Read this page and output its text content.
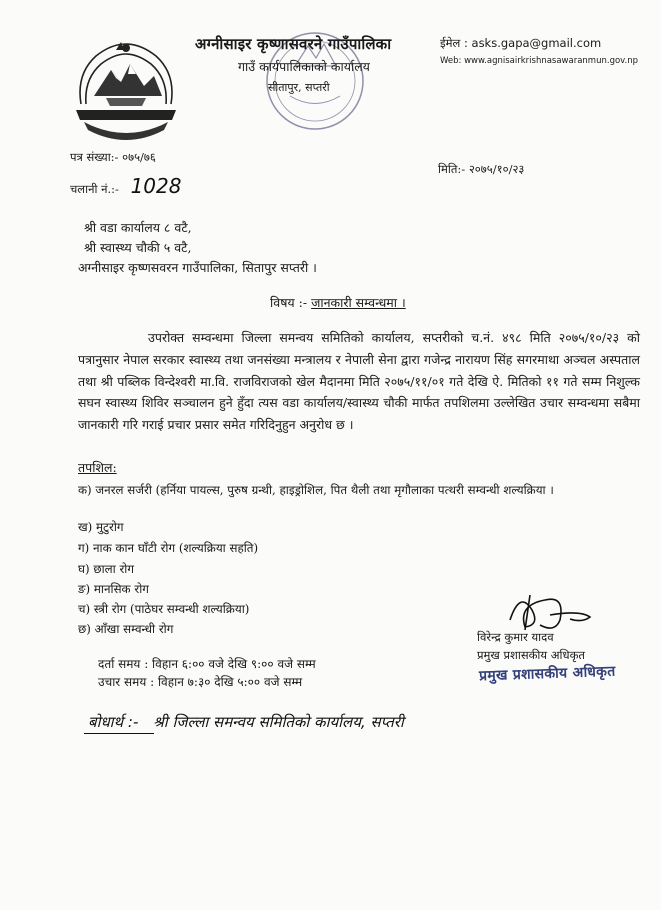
अग्नीसाइर कृष्णासवरने गाउँपालिका
गाउँ कार्यपालिकाको कार्यालय
सीतापुर, सप्तरी
ईमेल : asks.gapa@gmail.com
Web: www.agnisairkrishnasawaranmun.gov.np
पत्र संख्या:- ०७५/७६
चलानी नं.:- 1028
मिति:- २०७५/१०/२३
श्री वडा कार्यालय ८ वटै,
श्री स्वास्थ्य चौकी ५ वटै,
अग्नीसाइर कृष्णसवरन गाउँपालिका, सिताप‌ुर सप्तरी ।
विषय :- जानकारी सम्वन्धमा ।
उपरोक्त सम्वन्धमा जिल्ला समन्वय समितिको कार्यालय, सप्तरीको च.नं. ४९८ मिति २०७५/१०/२३ को पत्रानुसार नेपाल सरकार स्वास्थ्य तथा जनसंख्या मन्त्रालय र नेपाली सेना द्वारा गजेन्द्र नारायण सिंह सगरमाथा अञ्चल अस्पताल तथा श्री पब्लिक विन्देश्वरी मा.वि. राजविराजको खेल मैदानमा मिति २०७५/११/०१ गते देखि ऐ. मितिको ११ गते सम्म निशुल्क सघन स्वास्थ्य शिविर सञ्चालन हुने हुँदा त्यस वडा कार्यालय/स्वास्थ्य चौकी मार्फत तपशिलमा उल्लेखित उचार सम्वन्धमा सबैमा जानकारी गरि गराई प्रचार प्रसार समेत गरिदिनुहुन अनुरोध छ ।
तपशिल:
क) जनरल सर्जरी (हर्निया पायल्स, पुरुष ग्रन्थी, हाइड्रोशिल, पित थैली तथा मृगौलाका पत्थरी सम्वन्धी शल्यक्रिया ।
ख) मुटुरोग
ग) नाक कान घाँटी रोग (शल्यक्रिया सहति)
घ) छाला रोग
ङ) मानसिक रोग
च) स्त्री रोग (पाठेघर सम्वन्धी शल्यक्रिया)
छ) आँखा सम्वन्धी रोग
विरेन्द्र कुमार यादव
प्रमुख प्रशासकीय अधिकृत
प्रमुख प्रशासकीय अधिकृत
दर्ता समय : विहान ६:०० वजे देखि ९:०० वजे सम्म
उचार समय : विहान ७:३० देखि ५:०० वजे सम्म
बोधार्थ :- श्री जिल्ला समन्वय समितिको कार्यालय, सप्तरी
